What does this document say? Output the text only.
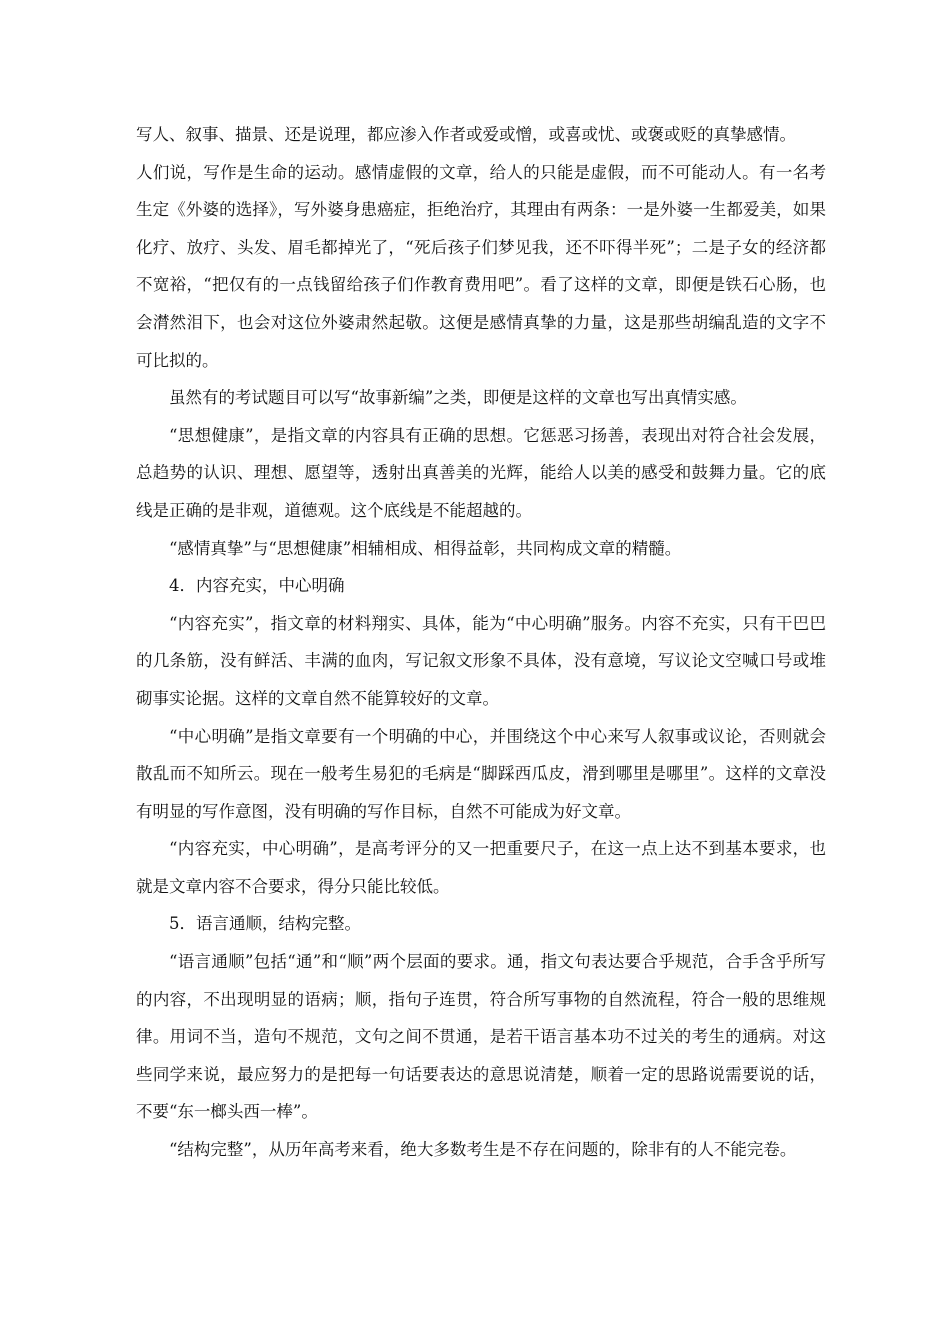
写人、叙事、描景、还是说理，都应渗入作者或爱或憎，或喜或忧、或褒或贬的真挚感情。

人们说，写作是生命的运动。感情虚假的文章，给人的只能是虚假，而不可能动人。有一名考生定《外婆的选择》，写外婆身患癌症，拒绝治疗，其理由有两条：一是外婆一生都爱美，如果化疗、放疗、头发、眉毛都掉光了，“死后孩子们梦见我，还不吓得半死”；二是子女的经济都不宽裕，“把仅有的一点钱留给孩子们作教育费用吧”。看了这样的文章，即便是铁石心肠，也会潸然泪下，也会对这位外婆肃然起敬。这便是感情真挚的力量，这是那些胡编乱造的文字不可比拟的。

虽然有的考试题目可以写“故事新编”之类，即便是这样的文章也写出真情实感。

“思想健康”，是指文章的内容具有正确的思想。它惩恶习扬善，表现出对符合社会发展，总趋势的认识、理想、愿望等，透射出真善美的光辉，能给人以美的感受和鼓舞力量。它的底线是正确的是非观，道德观。这个底线是不能超越的。

“感情真挚”与“思想健康”相辅相成、相得益彰，共同构成文章的精髓。

4．内容充实，中心明确

“内容充实”，指文章的材料翔实、具体，能为“中心明确”服务。内容不充实，只有干巴巴的几条筋，没有鲜活、丰满的血肉，写记叙文形象不具体，没有意境，写议论文空喊口号或堆砌事实论据。这样的文章自然不能算较好的文章。

“中心明确”是指文章要有一个明确的中心，并围绕这个中心来写人叙事或议论，否则就会散乱而不知所云。现在一般考生易犯的毛病是“脚踩西瓜皮，滑到哪里是哪里”。这样的文章没有明显的写作意图，没有明确的写作目标，自然不可能成为好文章。

“内容充实，中心明确”，是高考评分的又一把重要尺子，在这一点上达不到基本要求，也就是文章内容不合要求，得分只能比较低。

5．语言通顺，结构完整。

“语言通顺”包括“通”和“顺”两个层面的要求。通，指文句表达要合乎规范，合手含乎所写的内容，不出现明显的语病；顺，指句子连贯，符合所写事物的自然流程，符合一般的思维规律。用词不当，造句不规范，文句之间不贯通，是若干语言基本功不过关的考生的通病。对这些同学来说，最应努力的是把每一句话要表达的意思说清楚，顺着一定的思路说需要说的话，不要“东一榔头西一棒”。

“结构完整”，从历年高考来看，绝大多数考生是不存在问题的，除非有的人不能完卷。
